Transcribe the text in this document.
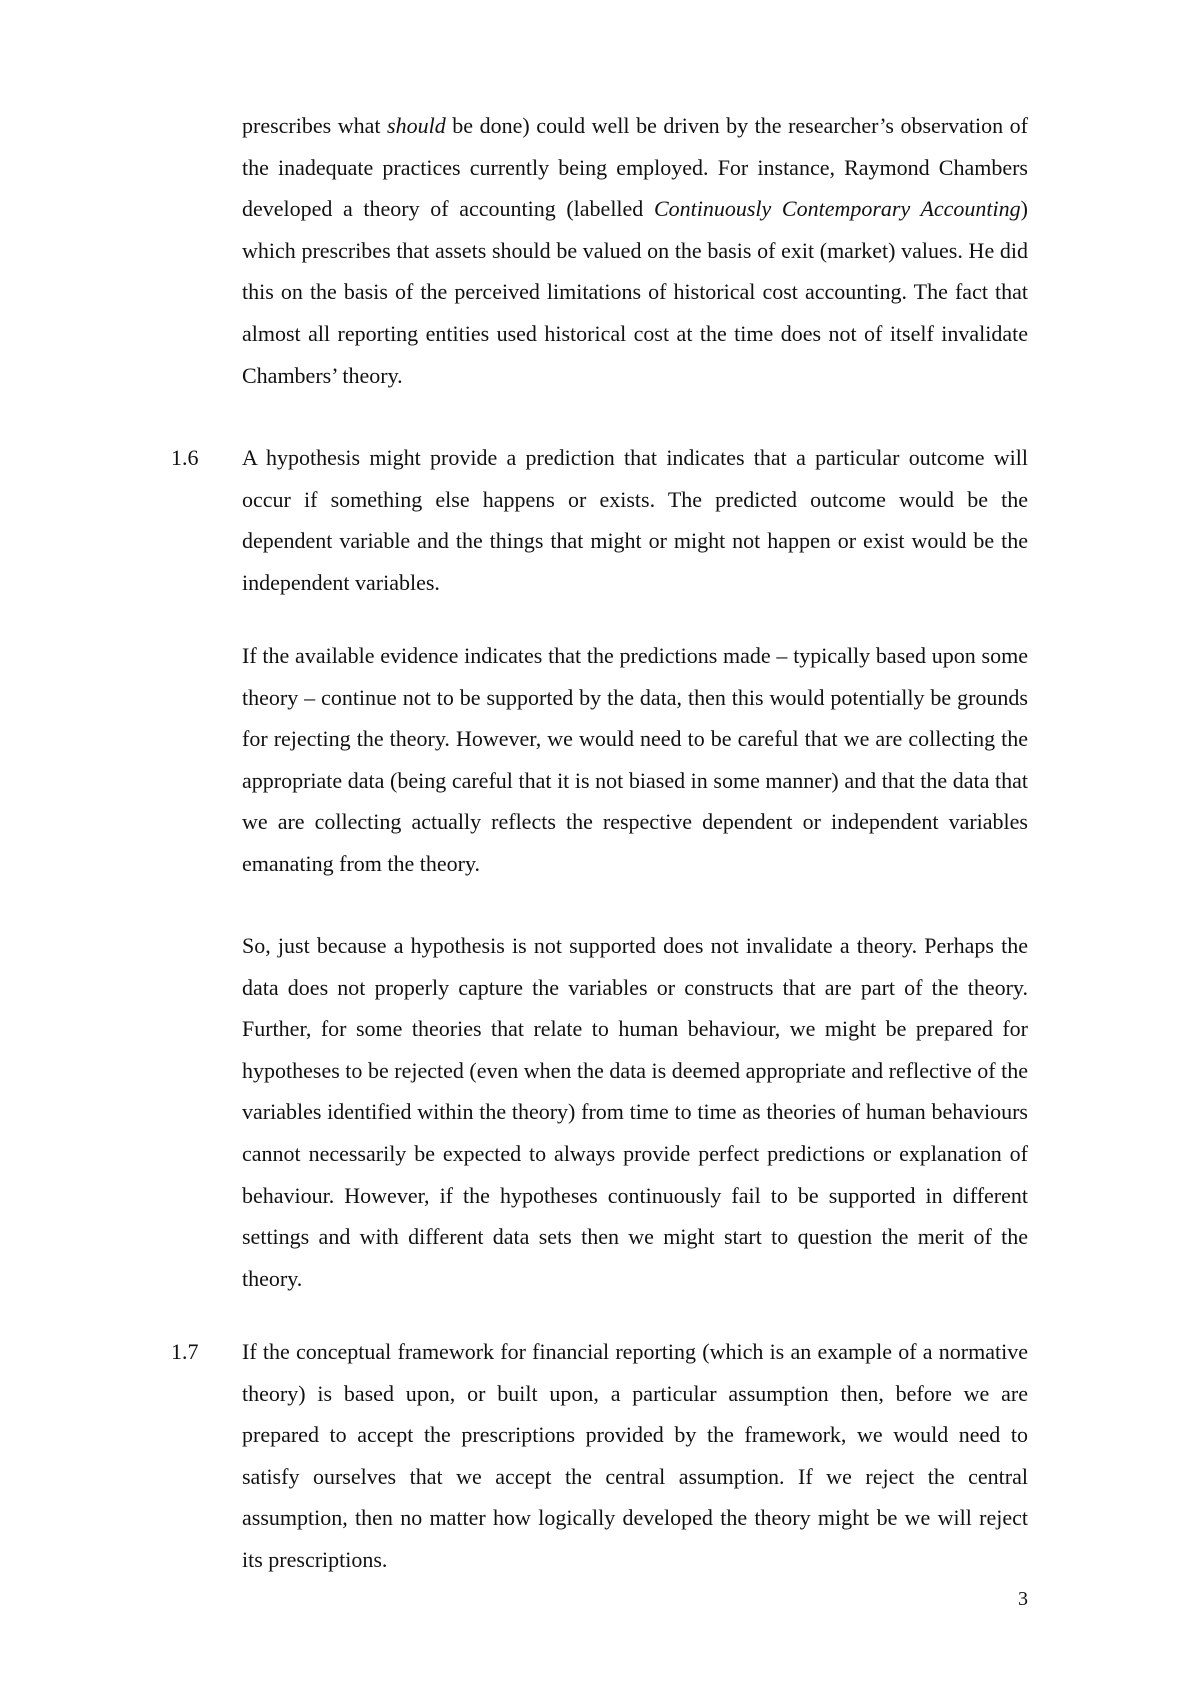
prescribes what should be done) could well be driven by the researcher’s observation of the inadequate practices currently being employed. For instance, Raymond Chambers developed a theory of accounting (labelled Continuously Contemporary Accounting) which prescribes that assets should be valued on the basis of exit (market) values. He did this on the basis of the perceived limitations of historical cost accounting. The fact that almost all reporting entities used historical cost at the time does not of itself invalidate Chambers’ theory.

1.6 A hypothesis might provide a prediction that indicates that a particular outcome will occur if something else happens or exists. The predicted outcome would be the dependent variable and the things that might or might not happen or exist would be the independent variables.

If the available evidence indicates that the predictions made – typically based upon some theory – continue not to be supported by the data, then this would potentially be grounds for rejecting the theory. However, we would need to be careful that we are collecting the appropriate data (being careful that it is not biased in some manner) and that the data that we are collecting actually reflects the respective dependent or independent variables emanating from the theory.

So, just because a hypothesis is not supported does not invalidate a theory. Perhaps the data does not properly capture the variables or constructs that are part of the theory. Further, for some theories that relate to human behaviour, we might be prepared for hypotheses to be rejected (even when the data is deemed appropriate and reflective of the variables identified within the theory) from time to time as theories of human behaviours cannot necessarily be expected to always provide perfect predictions or explanation of behaviour. However, if the hypotheses continuously fail to be supported in different settings and with different data sets then we might start to question the merit of the theory.

1.7 If the conceptual framework for financial reporting (which is an example of a normative theory) is based upon, or built upon, a particular assumption then, before we are prepared to accept the prescriptions provided by the framework, we would need to satisfy ourselves that we accept the central assumption. If we reject the central assumption, then no matter how logically developed the theory might be we will reject its prescriptions.

3
